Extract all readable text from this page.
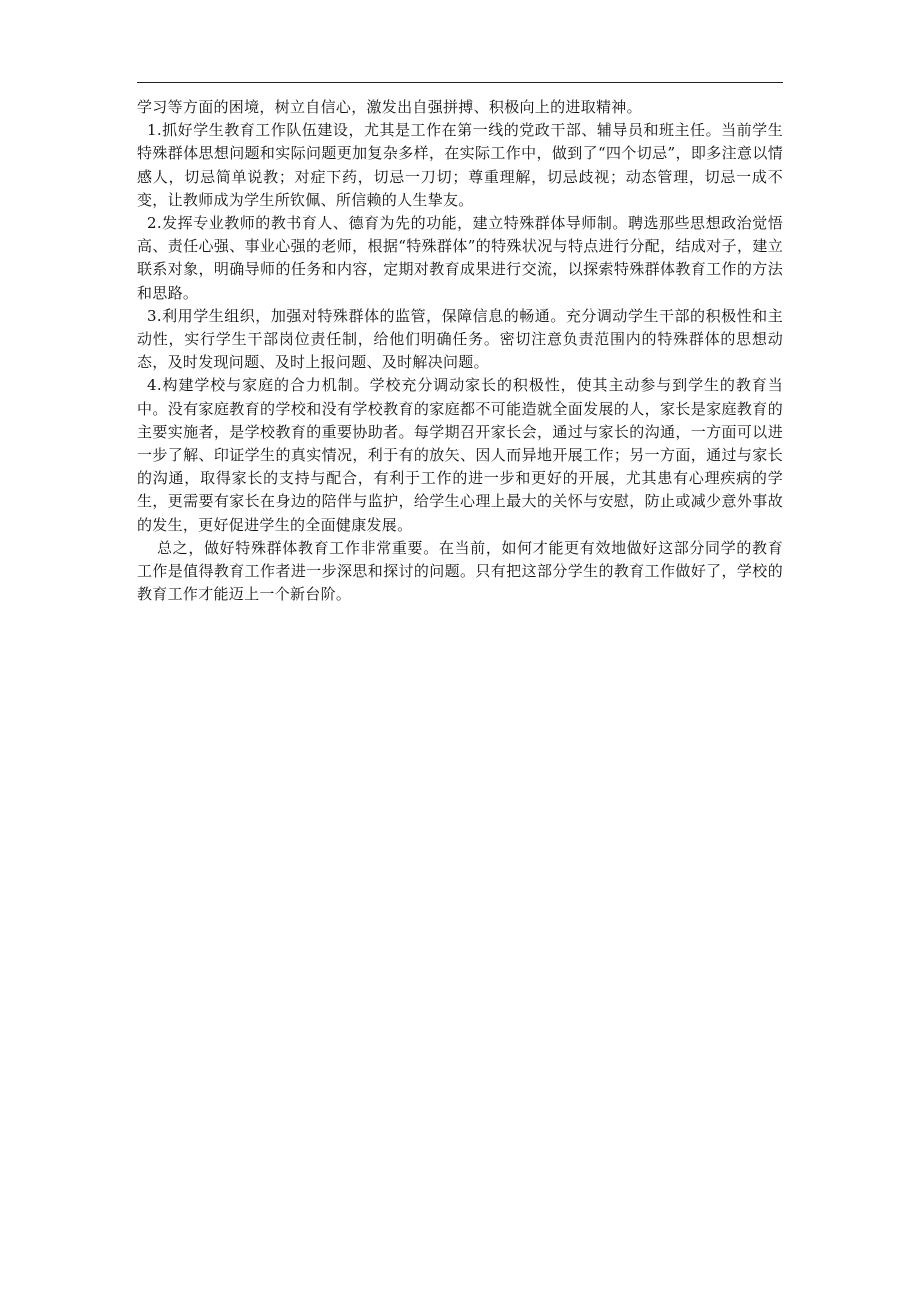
学习等方面的困境，树立自信心，激发出自强拼搏、积极向上的进取精神。

1.抓好学生教育工作队伍建设，尤其是工作在第一线的党政干部、辅导员和班主任。当前学生特殊群体思想问题和实际问题更加复杂多样，在实际工作中，做到了“四个切忌”，即多注意以情感人，切忌简单说教；对症下药，切忌一刀切；尊重理解，切忌歧视；动态管理，切忌一成不变，让教师成为学生所钦佩、所信赖的人生挚友。

2.发挥专业教师的教书育人、德育为先的功能，建立特殊群体导师制。聘选那些思想政治觉悟高、责任心强、事业心强的老师，根据“特殊群体”的特殊状况与特点进行分配，结成对子，建立联系对象，明确导师的任务和内容，定期对教育成果进行交流，以探索特殊群体教育工作的方法和思路。

3.利用学生组织，加强对特殊群体的监管，保障信息的畅通。充分调动学生干部的积极性和主动性，实行学生干部岗位责任制，给他们明确任务。密切注意负责范围内的特殊群体的思想动态，及时发现问题、及时上报问题、及时解决问题。

4.构建学校与家庭的合力机制。学校充分调动家长的积极性，使其主动参与到学生的教育当中。没有家庭教育的学校和没有学校教育的家庭都不可能造就全面发展的人，家长是家庭教育的主要实施者，是学校教育的重要协助者。每学期召开家长会，通过与家长的沟通，一方面可以进一步了解、印证学生的真实情况，利于有的放矢、因人而异地开展工作；另一方面，通过与家长的沟通，取得家长的支持与配合，有利于工作的进一步和更好的开展，尤其患有心理疾病的学生，更需要有家长在身边的陪伴与监护，给学生心理上最大的关怀与安慰，防止或减少意外事故的发生，更好促进学生的全面健康发展。

总之，做好特殊群体教育工作非常重要。在当前，如何才能更有效地做好这部分同学的教育工作是值得教育工作者进一步深思和探讨的问题。只有把这部分学生的教育工作做好了，学校的教育工作才能迈上一个新台阶。
